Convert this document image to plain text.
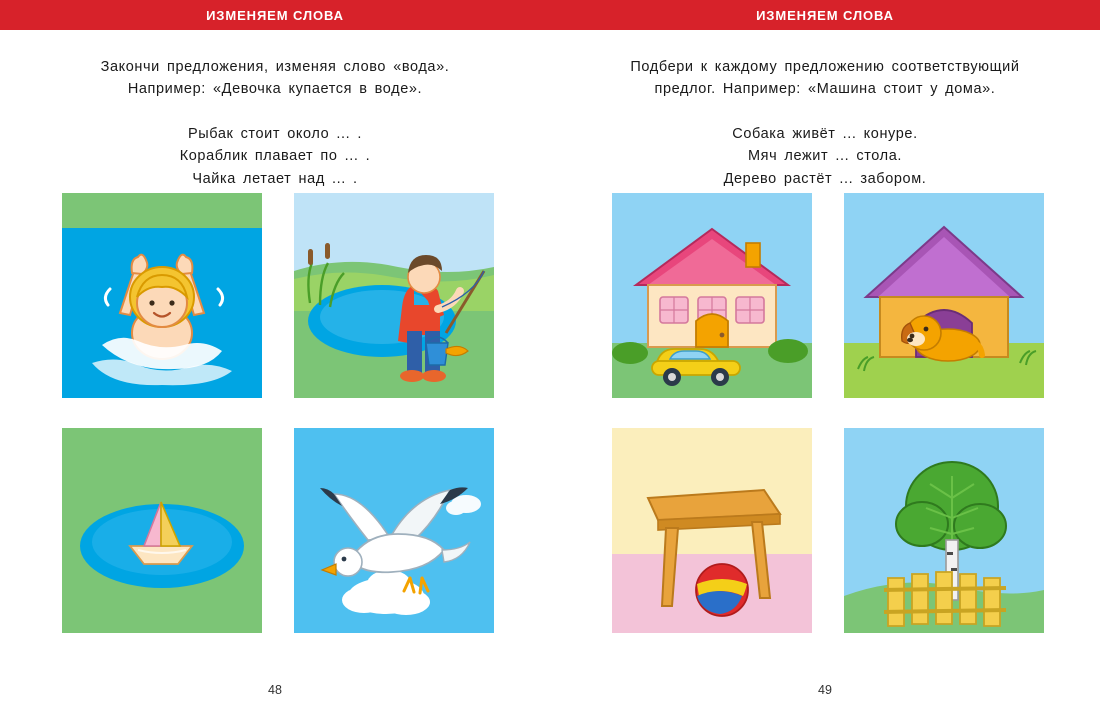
ИЗМЕНЯЕМ СЛОВА
Закончи предложения, изменяя слово «вода».
Например: «Девочка купается в воде».
Рыбак стоит около ... .
Кораблик плавает по ... .
Чайка летает над ... .
48
ИЗМЕНЯЕМ СЛОВА
Подбери к каждому предложению соответствующий
предлог. Например: «Машина стоит у дома».
Собака живёт ... конуре.
Мяч лежит ... стола.
Дерево растёт ... забором.
49
